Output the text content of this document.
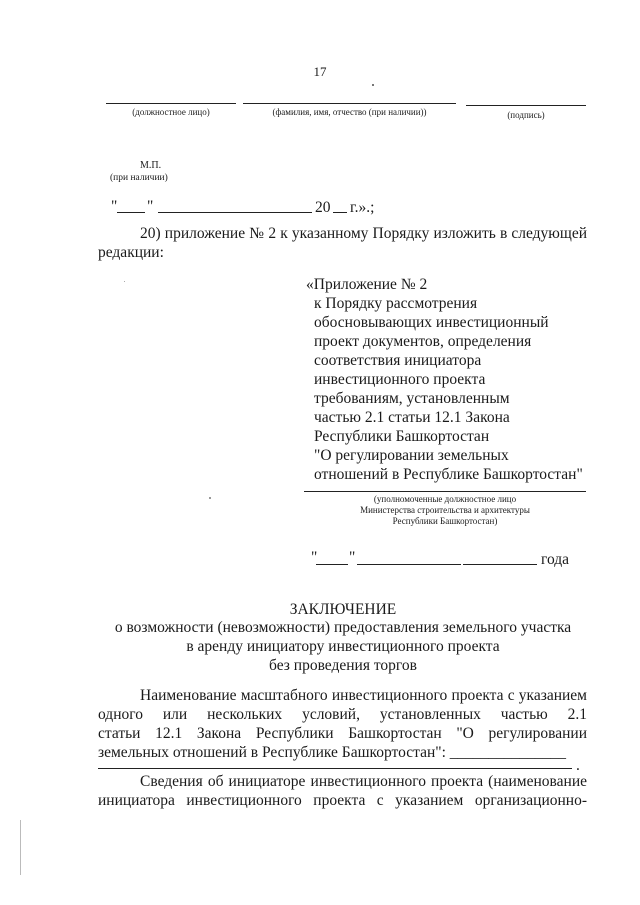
17
(должностное лицо)	(фамилия, имя, отчество (при наличии))	(подпись)
М.П.
(при наличии)
" "	20 г.».;
20) приложение № 2 к указанному Порядку изложить в следующей
редакции:
«Приложение № 2
к Порядку рассмотрения
обосновывающих инвестиционный
проект документов, определения
соответствия инициатора
инвестиционного проекта
требованиям, установленным
частью 2.1 статьи 12.1 Закона
Республики Башкортостан
"О регулировании земельных
отношений в Республике Башкортостан"
(уполномоченные должностное лицо
Министерства строительства и архитектуры
Республики Башкортостан)
" "	года
ЗАКЛЮЧЕНИЕ
о возможности (невозможности) предоставления земельного участка
в аренду инициатору инвестиционного проекта
без проведения торгов
Наименование масштабного инвестиционного проекта с указанием
одного или нескольких условий, установленных частью 2.1
статьи 12.1 Закона Республики Башкортостан "О регулировании
земельных отношений в Республике Башкортостан": _______________
.
Сведения об инициаторе инвестиционного проекта (наименование
инициатора инвестиционного проекта с указанием организационно-
